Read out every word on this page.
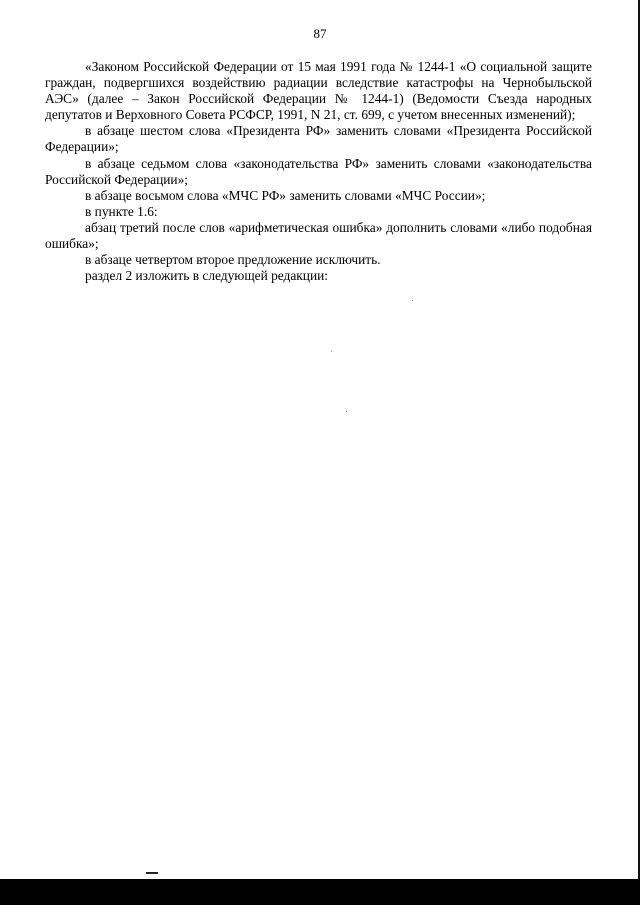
87

«Законом Российской Федерации от 15 мая 1991 года № 1244-1 «О социальной защите граждан, подвергшихся воздействию радиации вследствие катастрофы на Чернобыльской АЭС» (далее – Закон Российской Федерации № 1244-1) (Ведомости Съезда народных депутатов и Верховного Совета РСФСР, 1991, N 21, ст. 699, с учетом внесенных изменений);

в абзаце шестом слова «Президента РФ» заменить словами «Президента Российской Федерации»;

в абзаце седьмом слова «законодательства РФ» заменить словами «законодательства Российской Федерации»;

в абзаце восьмом слова «МЧС РФ» заменить словами «МЧС России»;

в пункте 1.6:

абзац третий после слов «арифметическая ошибка» дополнить словами «либо подобная ошибка»;

в абзаце четвертом второе предложение исключить.

раздел 2 изложить в следующей редакции:
